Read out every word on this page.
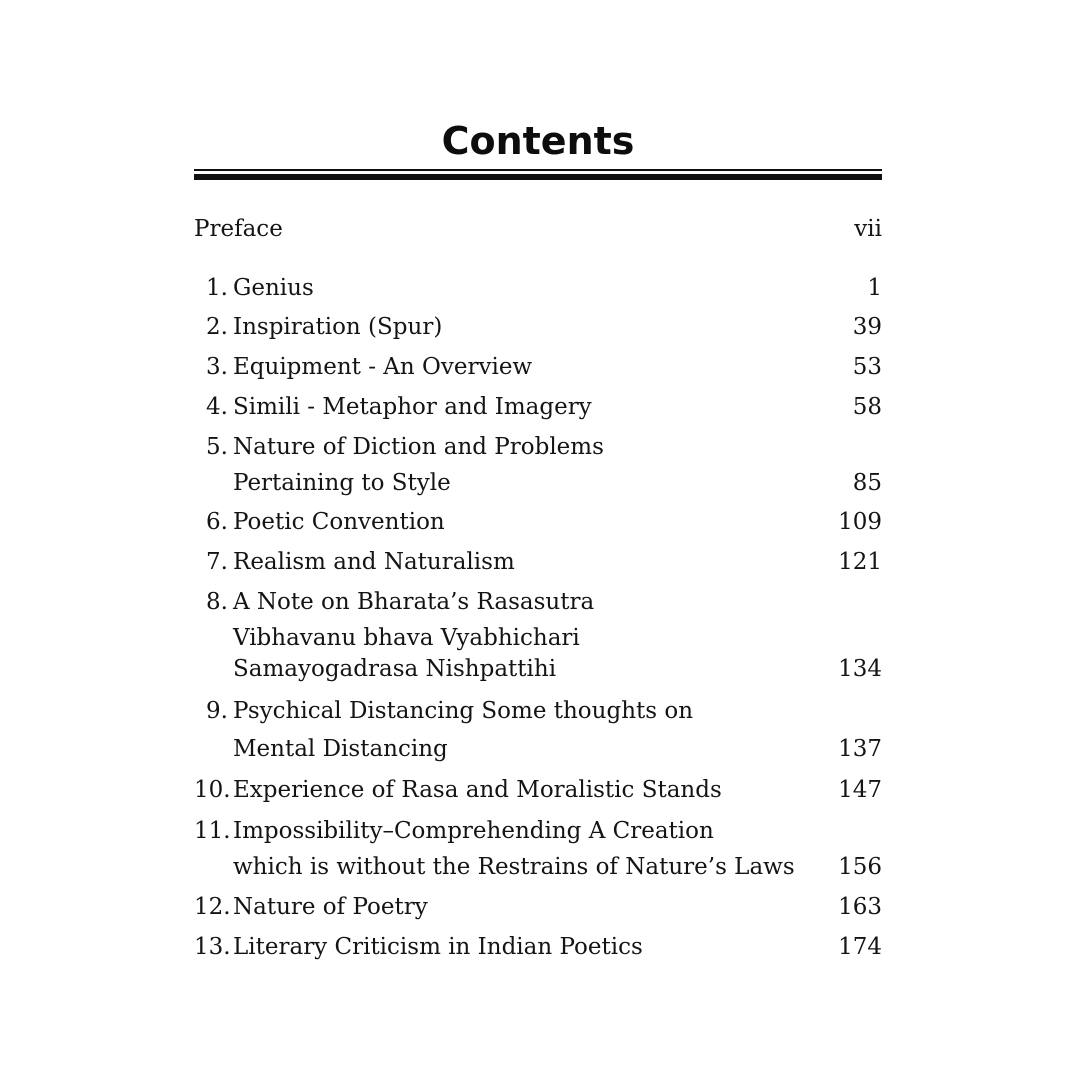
Contents
Preface	vii
1. Genius	1
2. Inspiration (Spur)	39
3. Equipment - An Overview	53
4. Simili - Metaphor and Imagery	58
5. Nature of Diction and Problems
Pertaining to Style	85
6. Poetic Convention	109
7. Realism and Naturalism	121
8. A Note on Bharata’s Rasasutra
Vibhavanu bhava Vyabhichari
Samayogadrasa Nishpattihi	134
9. Psychical Distancing Some thoughts on
Mental Distancing	137
10. Experience of Rasa and Moralistic Stands	147
11. Impossibility–Comprehending A Creation
which is without the Restrains of Nature’s Laws 156
12. Nature of Poetry	163
13. Literary Criticism in Indian Poetics	174
